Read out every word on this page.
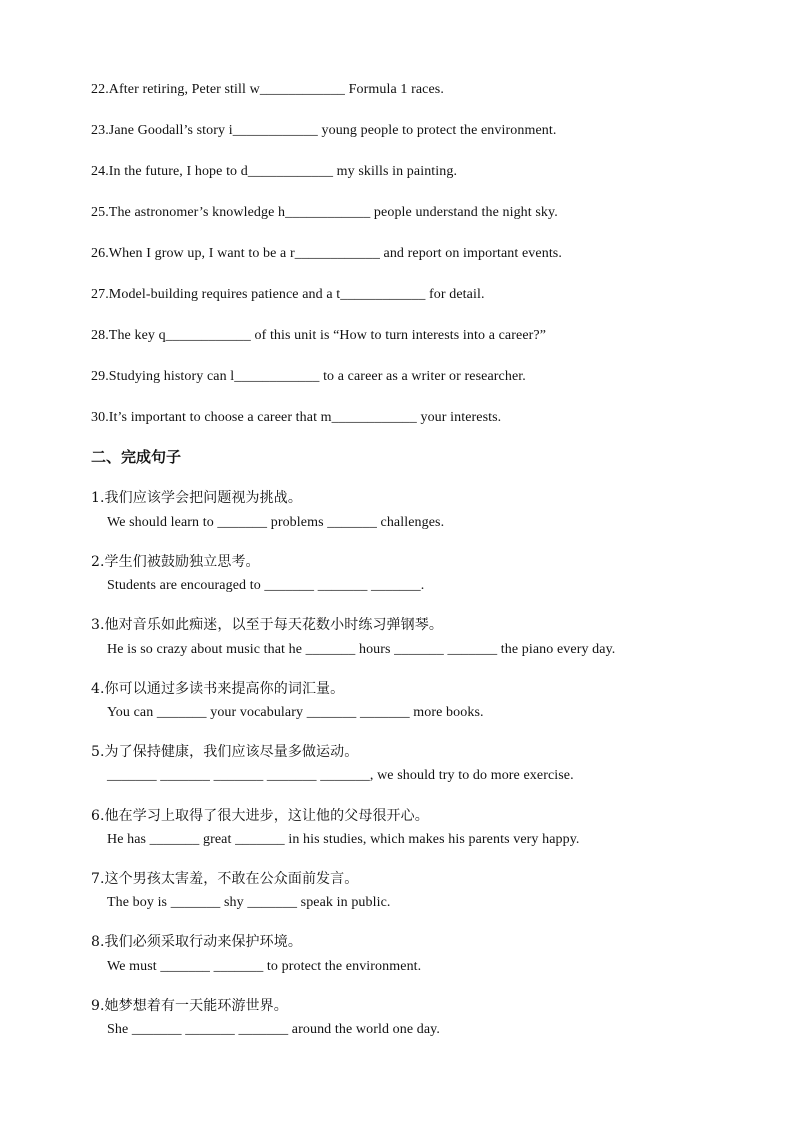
22.After retiring, Peter still w____________ Formula 1 races.
23.Jane Goodall’s story i____________ young people to protect the environment.
24.In the future, I hope to d____________ my skills in painting.
25.The astronomer’s knowledge h____________ people understand the night sky.
26.When I grow up, I want to be a r____________ and report on important events.
27.Model-building requires patience and a t____________ for detail.
28.The key q____________ of this unit is “How to turn interests into a career?”
29.Studying history can l____________ to a career as a writer or researcher.
30.It’s important to choose a career that m____________ your interests.
二、完成句子
1.我们应该学会把问题视为挑战。
We should learn to _______ problems _______ challenges.
2.学生们被鼓励独立思考。
Students are encouraged to _______ _______ _______.
3.他对音乐如此痴迷，以至于每天花数小时练习弹钢琴。
He is so crazy about music that he _______ hours _______ _______ the piano every day.
4.你可以通过多读书来提高你的词汇量。
You can _______ your vocabulary _______ _______ more books.
5.为了保持健康，我们应该尽量多做运动。
_______ _______ _______ _______ _______, we should try to do more exercise.
6.他在学习上取得了很大进步，这让他的父母很开心。
He has _______ great _______ in his studies, which makes his parents very happy.
7.这个男孩太害羞，不敢在公众面前发言。
The boy is _______ shy _______ speak in public.
8.我们必须采取行动来保护环境。
We must _______ _______ to protect the environment.
9.她梦想着有一天能环游世界。
She _______ _______ _______ around the world one day.
